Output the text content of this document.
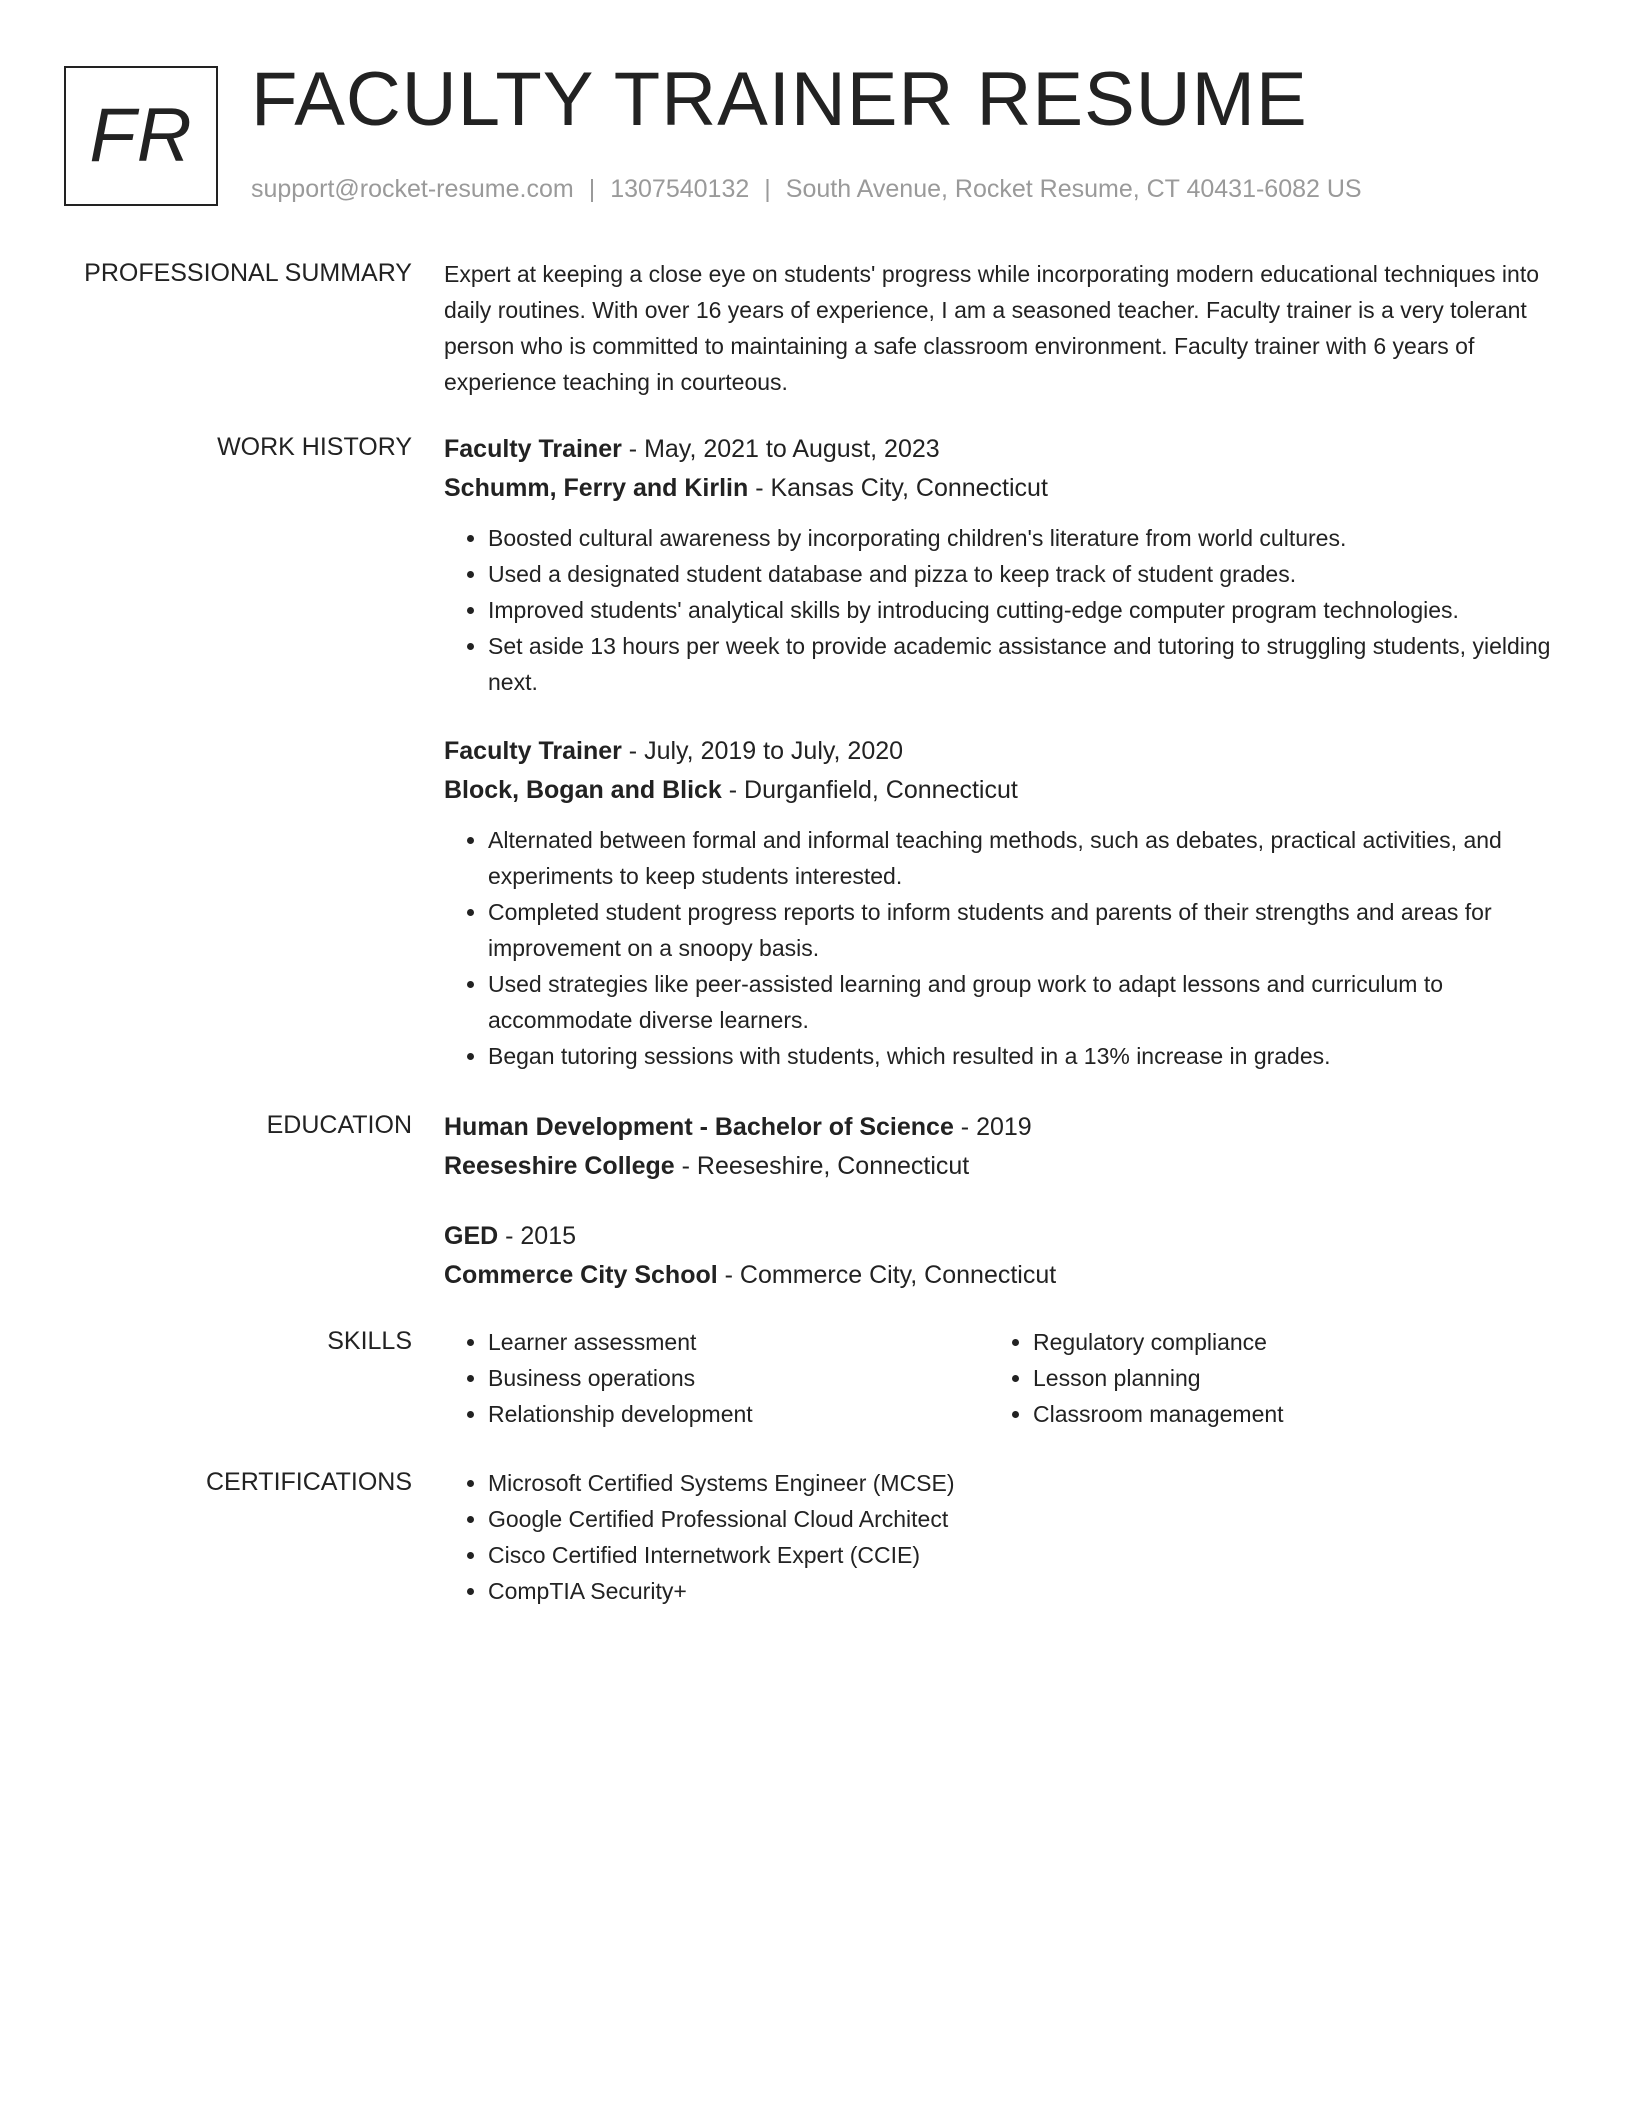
FR FACULTY TRAINER RESUME
support@rocket-resume.com | 1307540132 | South Avenue, Rocket Resume, CT 40431-6082 US
PROFESSIONAL SUMMARY Expert at keeping a close eye on students' progress while incorporating modern educational techniques into daily routines. With over 16 years of experience, I am a seasoned teacher. Faculty trainer is a very tolerant person who is committed to maintaining a safe classroom environment. Faculty trainer with 6 years of experience teaching in courteous.

WORK HISTORY Faculty Trainer - May, 2021 to August, 2023

Schumm, Ferry and Kirlin - Kansas City, Connecticut

• Boosted cultural awareness by incorporating children's literature from world cultures.
• Used a designated student database and pizza to keep track of student grades.
• Improved students' analytical skills by introducing cutting-edge computer program technologies.
• Set aside 13 hours per week to provide academic assistance and tutoring to struggling students, yielding next.

Faculty Trainer - July, 2019 to July, 2020

Block, Bogan and Blick - Durganfield, Connecticut

• Alternated between formal and informal teaching methods, such as debates, practical activities, and experiments to keep students interested.
• Completed student progress reports to inform students and parents of their strengths and areas for improvement on a snoopy basis.
• Used strategies like peer-assisted learning and group work to adapt lessons and curriculum to accommodate diverse learners.
• Began tutoring sessions with students, which resulted in a 13% increase in grades.
EDUCATION Human Development - Bachelor of Science - 2019

Reeseshire College - Reeseshire, Connecticut

GED - 2015

Commerce City School - Commerce City, Connecticut

SKILLS	• Learner assessment
• Business operations
• Relationship development
• Regulatory compliance
• Lesson planning
• Classroom management
CERTIFICATIONS	• Microsoft Certified Systems Engineer (MCSE)
• Google Certified Professional Cloud Architect
• Cisco Certified Internetwork Expert (CCIE)
• CompTIA Security+
